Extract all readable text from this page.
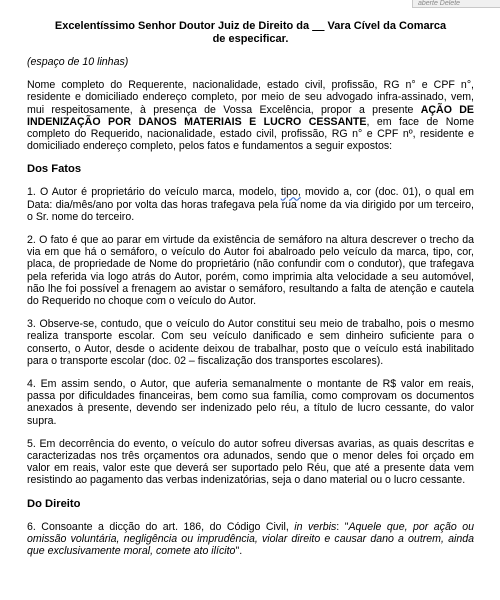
aberte Delete
Excelentíssimo Senhor Doutor Juiz de Direito da __ Vara Cível da Comarca
de especificar.

(espaço de 10 linhas)

Nome completo do Requerente, nacionalidade, estado civil, profissão, RG n° e CPF n°, residente e domiciliado endereço completo, por meio de seu advogado infra-assinado, vem, mui respeitosamente, à presença de Vossa Excelência, propor a presente AÇÃO DE INDENIZAÇÃO POR DANOS MATERIAIS E LUCRO CESSANTE, em face de Nome completo do Requerido, nacionalidade, estado civil, profissão, RG n° e CPF nº, residente e domiciliado endereço completo, pelos fatos e fundamentos a seguir expostos:

Dos Fatos

1. O Autor é proprietário do veículo marca, modelo, tipo, movido a, cor (doc. 01), o qual em Data: dia/mês/ano por volta das horas trafegava pela rua nome da via dirigido por um terceiro, o Sr. nome do terceiro.

2. O fato é que ao parar em virtude da existência de semáforo na altura descrever o trecho da via em que há o semáforo, o veículo do Autor foi abalroado pelo veículo da marca, tipo, cor, placa, de propriedade de Nome do proprietário (não confundir com o condutor), que trafegava pela referida via logo atrás do Autor, porém, como imprimia alta velocidade a seu automóvel, não lhe foi possível a frenagem ao avistar o semáforo, resultando a falta de atenção e cautela do Requerido no choque com o veículo do Autor.

3. Observe-se, contudo, que o veículo do Autor constitui seu meio de trabalho, pois o mesmo realiza transporte escolar. Com seu veículo danificado e sem dinheiro suficiente para o conserto, o Autor, desde o acidente deixou de trabalhar, posto que o veículo está inabilitado para o transporte escolar (doc. 02 – fiscalização dos transportes escolares).

4. Em assim sendo, o Autor, que auferia semanalmente o montante de R$ valor em reais, passa por dificuldades financeiras, bem como sua família, como comprovam os documentos anexados à presente, devendo ser indenizado pelo réu, a título de lucro cessante, do valor supra.

5. Em decorrência do evento, o veículo do autor sofreu diversas avarias, as quais descritas e caracterizadas nos três orçamentos ora adunados, sendo que o menor deles foi orçado em valor em reais, valor este que deverá ser suportado pelo Réu, que até a presente data vem resistindo ao pagamento das verbas indenizatórias, seja o dano material ou o lucro cessante.

Do Direito

6. Consoante a dicção do art. 186, do Código Civil, in verbis: "Aquele que, por ação ou omissão voluntária, negligência ou imprudência, violar direito e causar dano a outrem, ainda que exclusivamente moral, comete ato ilícito".
